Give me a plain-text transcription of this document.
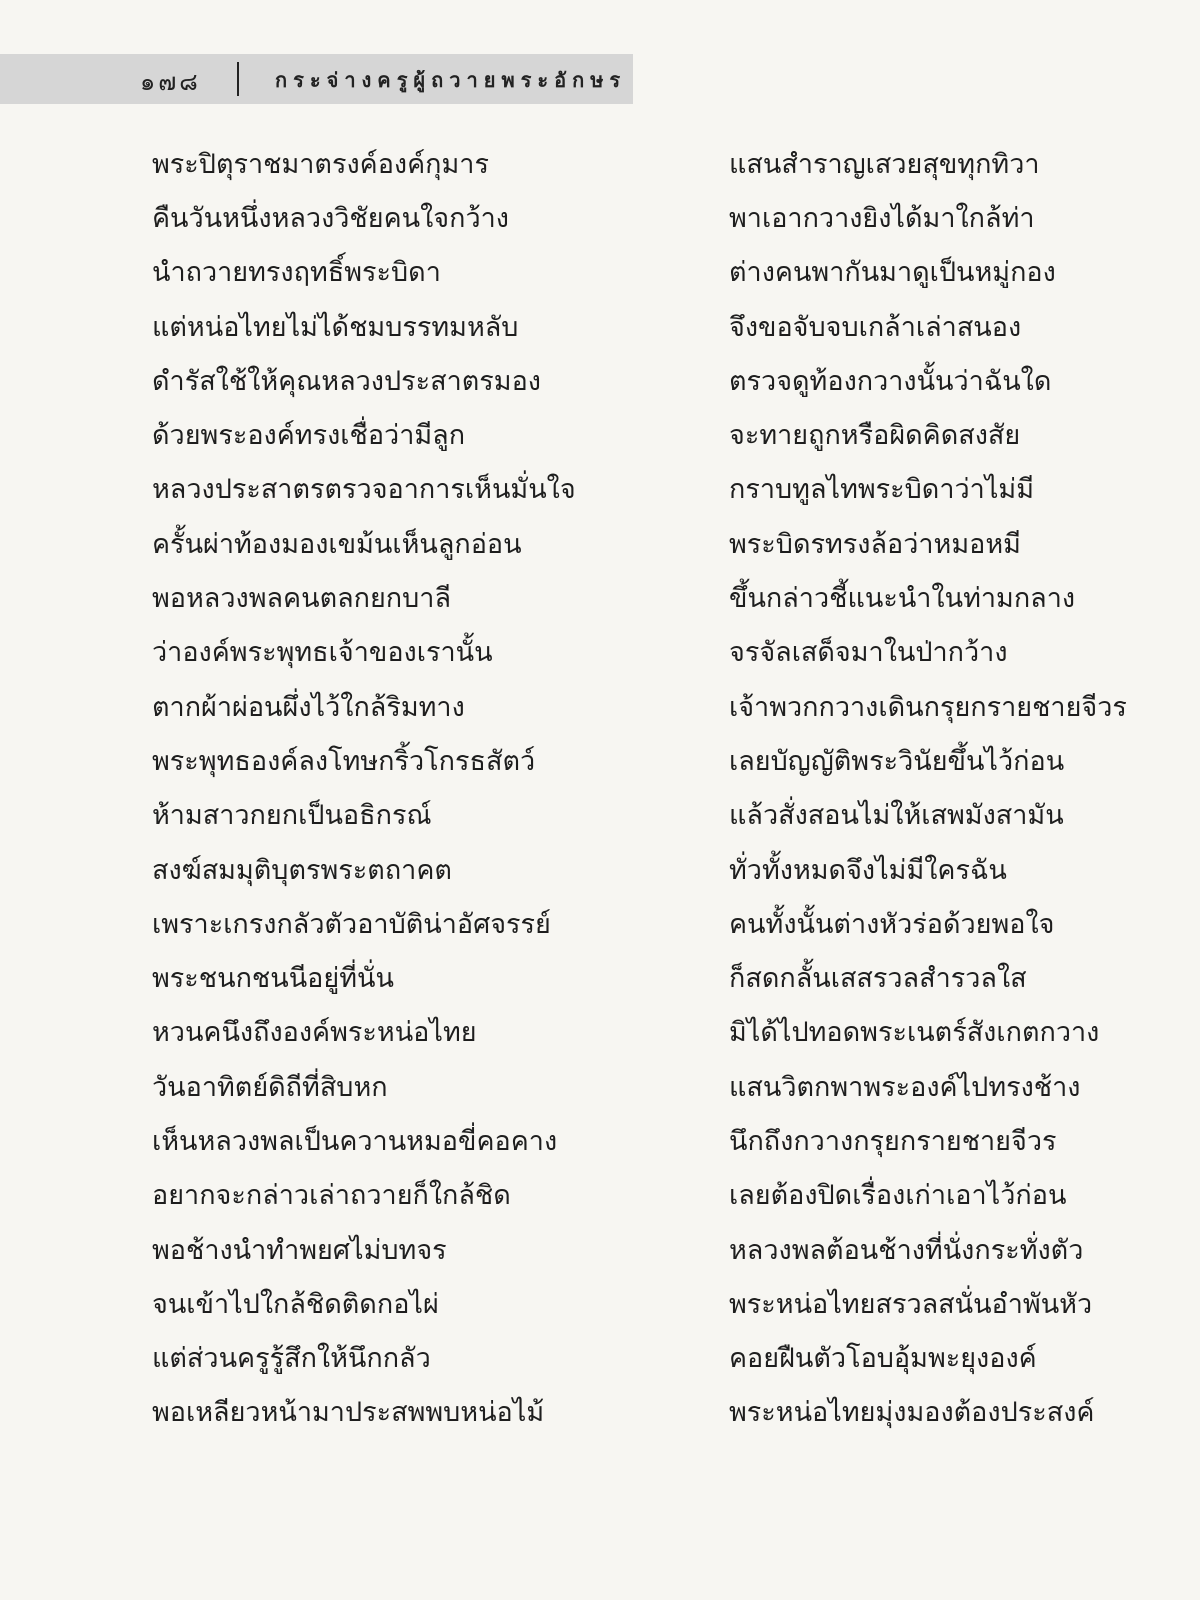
๑๗๘	กระจ่างครูผู้ถวายพระอักษร
พระปิตุราชมาตรงค์องค์กุมาร	แสนสำราญเสวยสุขทุกทิวา
คืนวันหนึ่งหลวงวิชัยคนใจกว้าง	พาเอากวางยิงได้มาใกล้ท่า
นำถวายทรงฤทธิ์พระบิดา	ต่างคนพากันมาดูเป็นหมู่กอง
แต่หน่อไทยไม่ได้ชมบรรทมหลับ	จึงขอจับจบเกล้าเล่าสนอง
ดำรัสใช้ให้คุณหลวงประสาตรมอง	ตรวจดูท้องกวางนั้นว่าฉันใด
ด้วยพระองค์ทรงเชื่อว่ามีลูก	จะทายถูกหรือผิดคิดสงสัย
หลวงประสาตรตรวจอาการเห็นมั่นใจ	กราบทูลไทพระบิดาว่าไม่มี
ครั้นผ่าท้องมองเขม้นเห็นลูกอ่อน	พระบิดรทรงล้อว่าหมอหมี
พอหลวงพลคนตลกยกบาลี	ขึ้นกล่าวชี้แนะนำในท่ามกลาง
ว่าองค์พระพุทธเจ้าของเรานั้น	จรจัลเสด็จมาในป่ากว้าง
ตากผ้าผ่อนผึ่งไว้ใกล้ริมทาง	เจ้าพวกกวางเดินกรุยกรายชายจีวร
พระพุทธองค์ลงโทษกริ้วโกรธสัตว์	เลยบัญญัติพระวินัยขึ้นไว้ก่อน
ห้ามสาวกยกเป็นอธิกรณ์	แล้วสั่งสอนไม่ให้เสพมังสามัน
สงฆ์สมมุติบุตรพระตถาคต	ทั่วทั้งหมดจึงไม่มีใครฉัน
เพราะเกรงกลัวตัวอาบัติน่าอัศจรรย์	คนทั้งนั้นต่างหัวร่อด้วยพอใจ
พระชนกชนนีอยู่ที่นั่น	ก็สดกลั้นเสสรวลสำรวลใส
หวนคนึงถึงองค์พระหน่อไทย	มิได้ไปทอดพระเนตร์สังเกตกวาง
วันอาทิตย์ดิถีที่สิบหก	แสนวิตกพาพระองค์ไปทรงช้าง
เห็นหลวงพลเป็นควานหมอขี่คอคาง	นึกถึงกวางกรุยกรายชายจีวร
อยากจะกล่าวเล่าถวายก็ใกล้ชิด	เลยต้องปิดเรื่องเก่าเอาไว้ก่อน
พอช้างนำทำพยศไม่บทจร	หลวงพลต้อนช้างที่นั่งกระทั่งตัว
จนเข้าไปใกล้ชิดติดกอไผ่	พระหน่อไทยสรวลสนั่นอำพันหัว
แต่ส่วนครูรู้สึกให้นึกกลัว	คอยฝืนตัวโอบอุ้มพะยุงองค์
พอเหลียวหน้ามาประสพพบหน่อไม้	พระหน่อไทยมุ่งมองต้องประสงค์
